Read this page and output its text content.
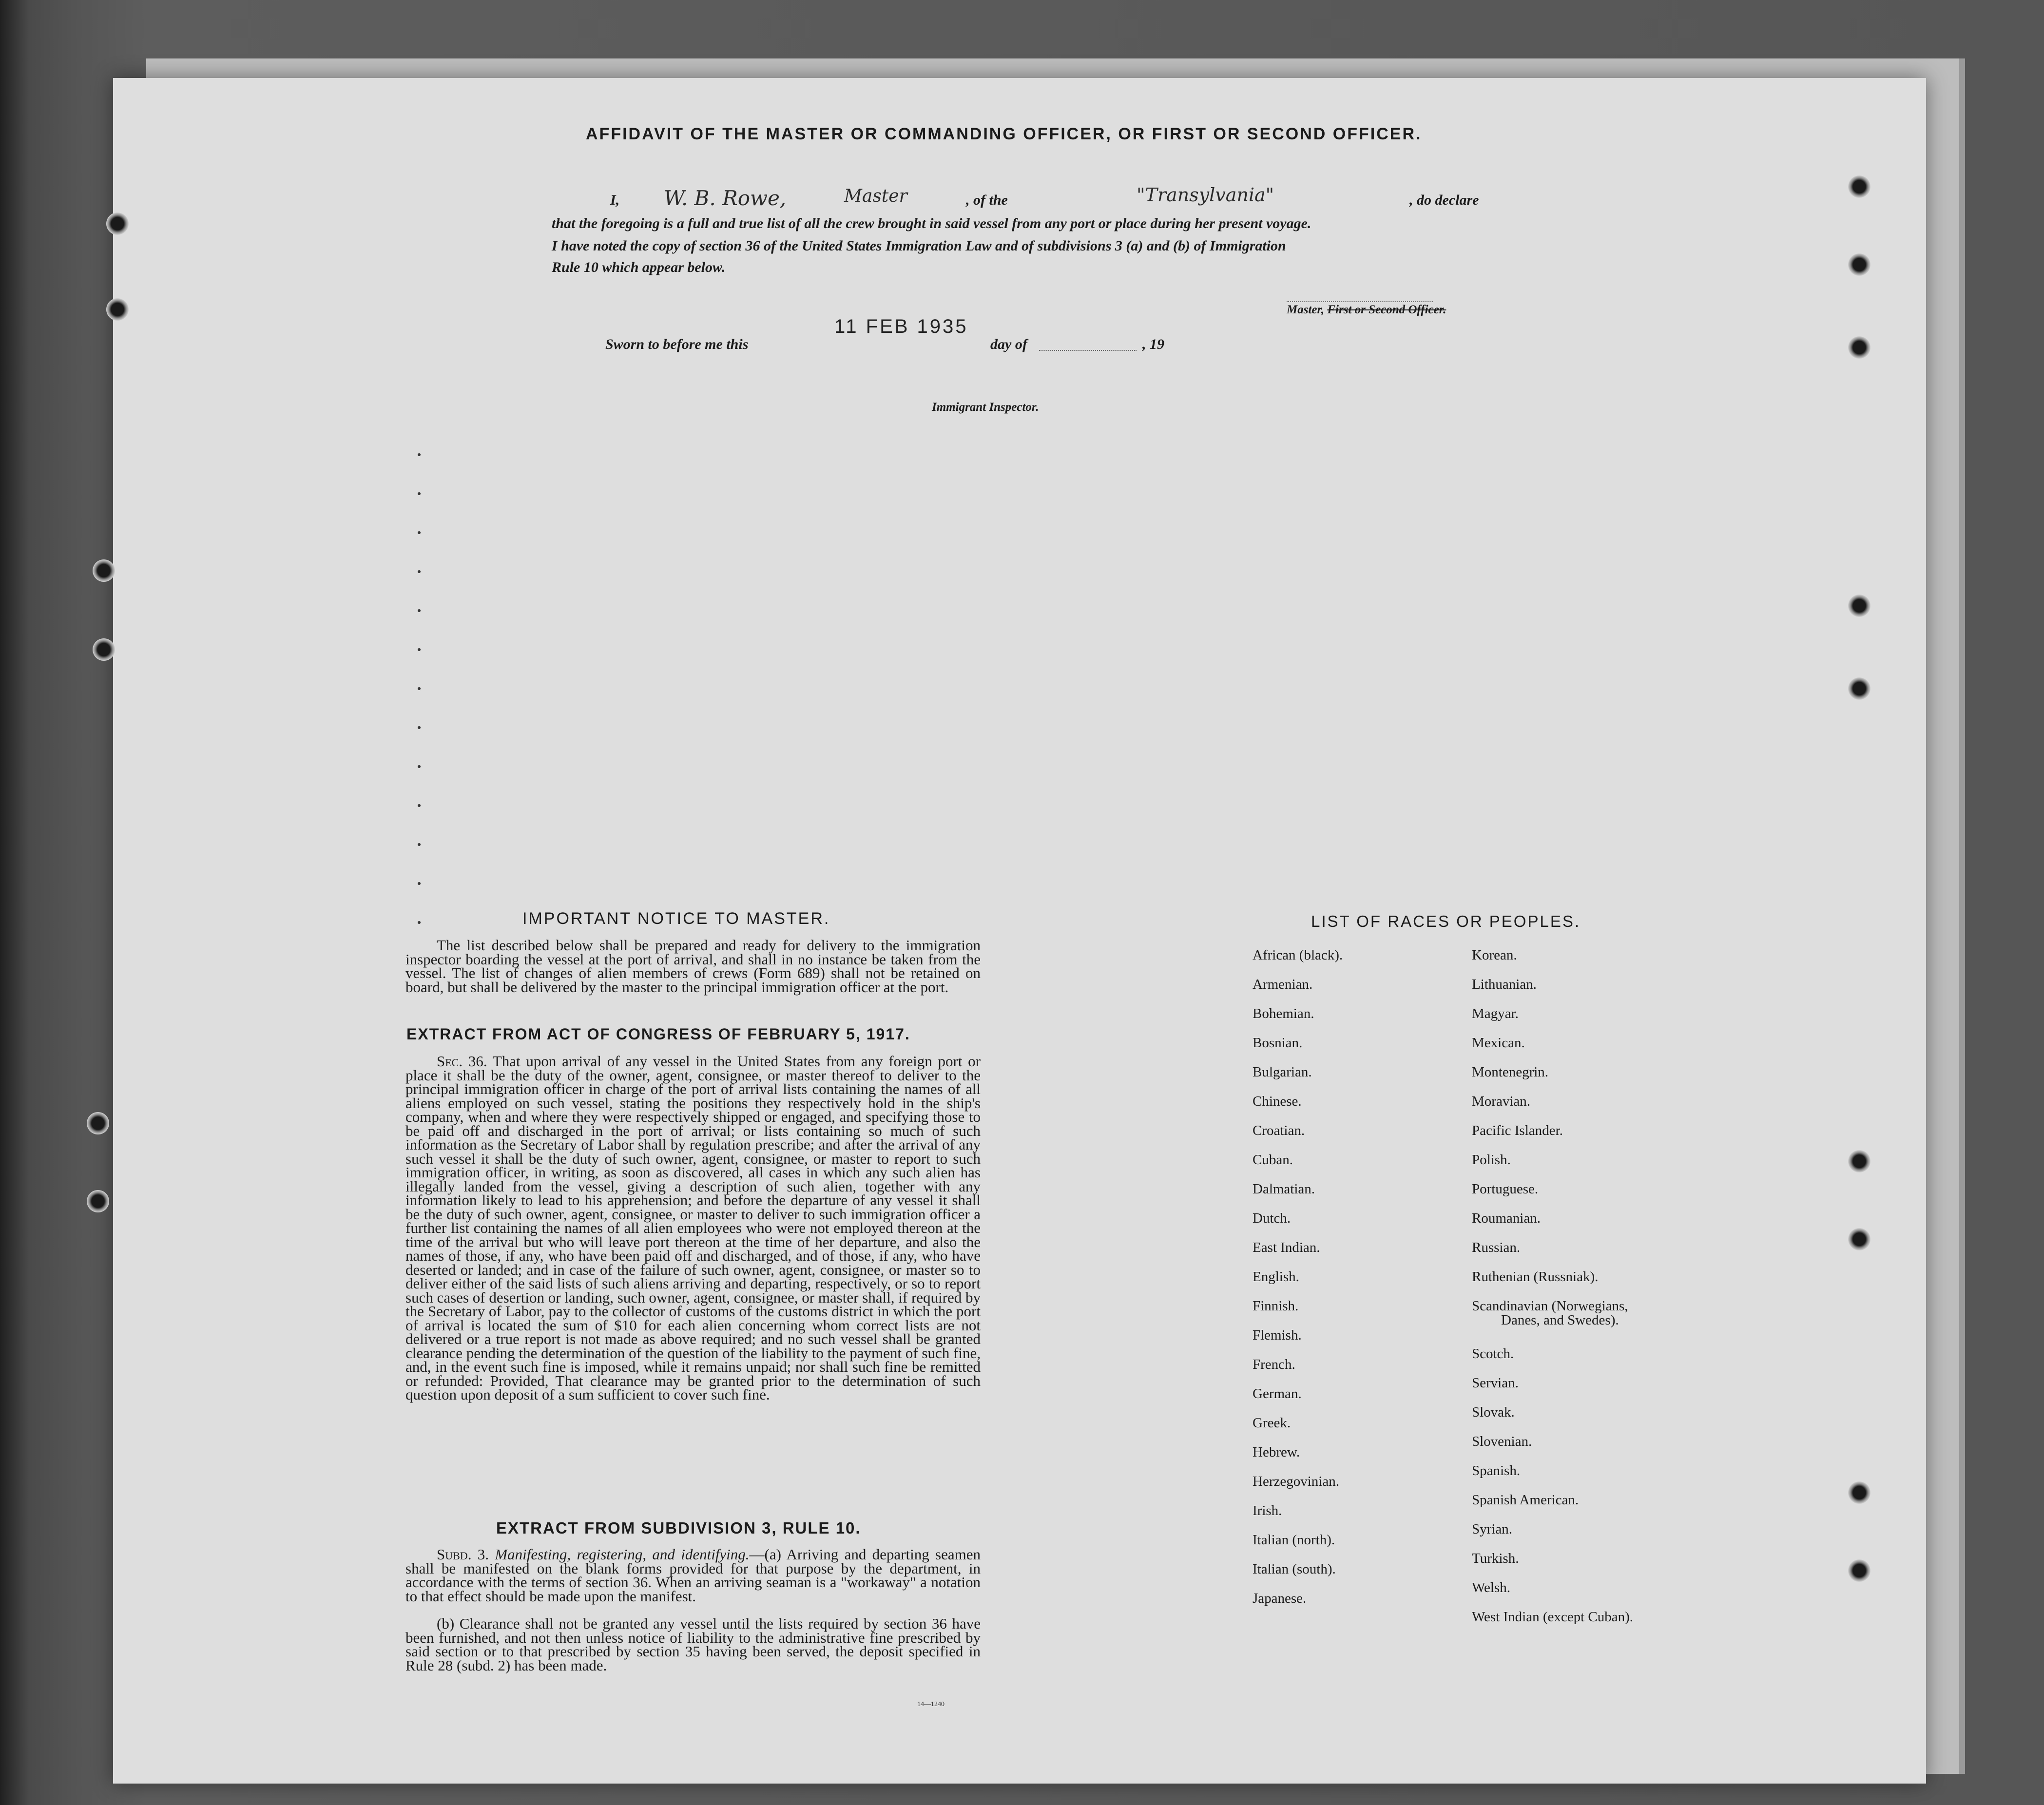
AFFIDAVIT OF THE MASTER OR COMMANDING OFFICER, OR FIRST OR SECOND OFFICER.
I, W. B. Rowe,	Master	, of the	"Transylvania"	, do declare
that the foregoing is a full and true list of all the crew brought in said vessel from any port or place during her present voyage.
I have noted the copy of section 36 of the United States Immigration Law and of subdivisions 3 (a) and (b) of Immigration
Rule 10 which appear below.
Master, First or Second Officer.
Sworn to before me this
11 FEB 1935
day of	, 19
Immigrant Inspector.
IMPORTANT NOTICE TO MASTER.
The list described below shall be prepared and ready for delivery to the immigration inspector boarding the vessel at the port of arrival, and shall in no instance be taken from the vessel. The list of changes of alien members of crews (Form 689) shall not be retained on board, but shall be delivered by the master to the principal immigration officer at the port.
EXTRACT FROM ACT OF CONGRESS OF FEBRUARY 5, 1917.
Sec. 36. That upon arrival of any vessel in the United States from any foreign port or place it shall be the duty of the owner, agent, consignee, or master thereof to deliver to the principal immigration officer in charge of the port of arrival lists containing the names of all aliens employed on such vessel, stating the positions they respectively hold in the ship's company, when and where they were respectively shipped or engaged, and specifying those to be paid off and discharged in the port of arrival; or lists containing so much of such information as the Secretary of Labor shall by regulation prescribe; and after the arrival of any such vessel it shall be the duty of such owner, agent, consignee, or master to report to such immigration officer, in writing, as soon as discovered, all cases in which any such alien has illegally landed from the vessel, giving a description of such alien, together with any information likely to lead to his apprehension; and before the departure of any vessel it shall be the duty of such owner, agent, consignee, or master to deliver to such immigration officer a further list containing the names of all alien employees who were not employed thereon at the time of the arrival but who will leave port thereon at the time of her departure, and also the names of those, if any, who have been paid off and discharged, and of those, if any, who have deserted or landed; and in case of the failure of such owner, agent, consignee, or master so to deliver either of the said lists of such aliens arriving and departing, respectively, or so to report such cases of desertion or landing, such owner, agent, consignee, or master shall, if required by the Secretary of Labor, pay to the collector of customs of the customs district in which the port of arrival is located the sum of $10 for each alien concerning whom correct lists are not delivered or a true report is not made as above required; and no such vessel shall be granted clearance pending the determination of the question of the liability to the payment of such fine, and, in the event such fine is imposed, while it remains unpaid; nor shall such fine be remitted or refunded: Provided, That clearance may be granted prior to the determination of such question upon deposit of a sum sufficient to cover such fine.
EXTRACT FROM SUBDIVISION 3, RULE 10.
Subd. 3. Manifesting, registering, and identifying.—(a) Arriving and departing seamen shall be manifested on the blank forms provided for that purpose by the department, in accordance with the terms of section 36. When an arriving seaman is a "workaway" a notation to that effect should be made upon the manifest.
(b) Clearance shall not be granted any vessel until the lists required by section 36 have been furnished, and not then unless notice of liability to the administrative fine prescribed by said section or to that prescribed by section 35 having been served, the deposit specified in Rule 28 (subd. 2) has been made.
14—1240
LIST OF RACES OR PEOPLES.
African (black).
Armenian.
Bohemian.
Bosnian.
Bulgarian.
Chinese.
Croatian.
Cuban.
Dalmatian.
Dutch.
East Indian.
English.
Finnish.
Flemish.
French.
German.
Greek.
Hebrew.
Herzegovinian.
Irish.
Italian (north).
Italian (south).
Japanese.
Korean.
Lithuanian.
Magyar.
Mexican.
Montenegrin.
Moravian.
Pacific Islander.
Polish.
Portuguese.
Roumanian.
Russian.
Ruthenian (Russniak).
Scandinavian (Norwegians,
Danes, and Swedes).
Scotch.
Servian.
Slovak.
Slovenian.
Spanish.
Spanish American.
Syrian.
Turkish.
Welsh.
West Indian (except Cuban).
